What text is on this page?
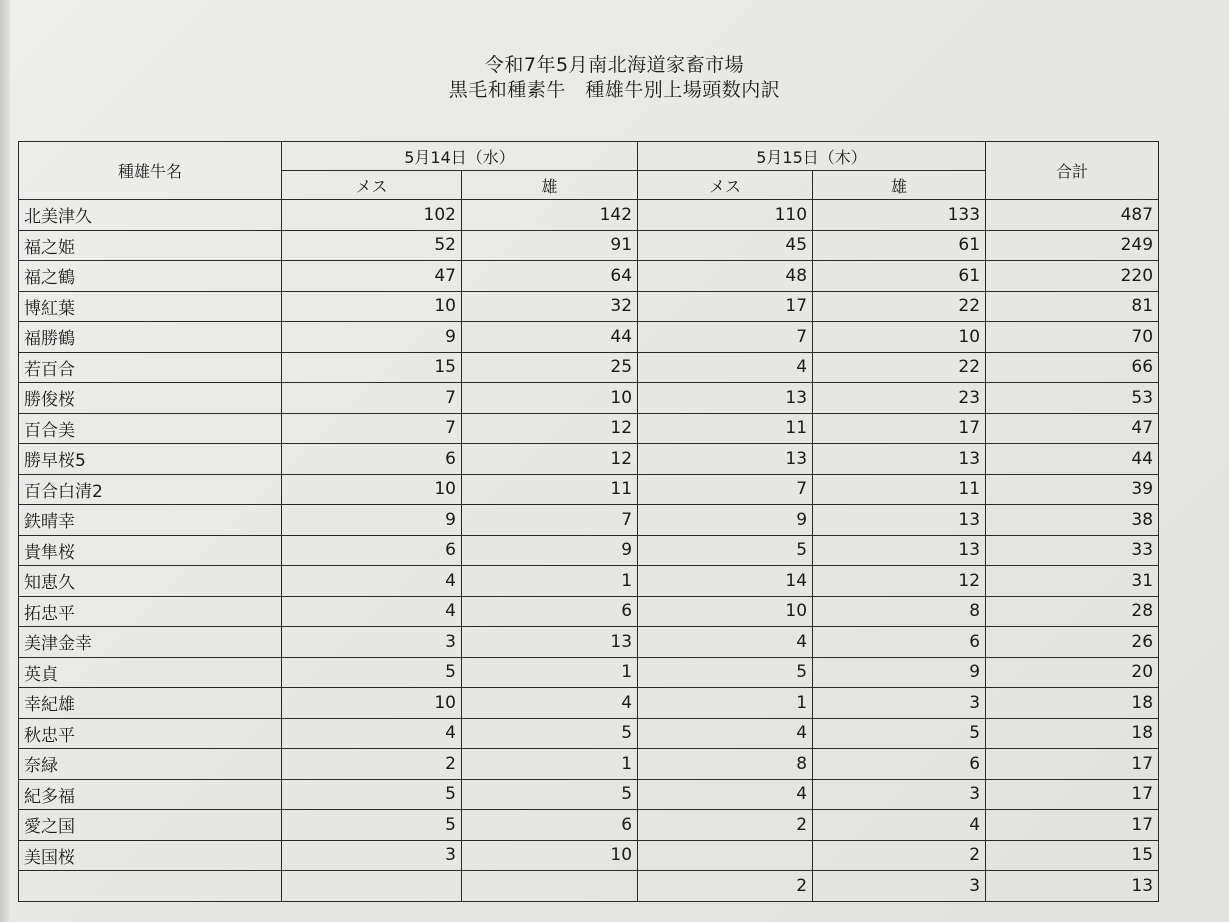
令和7年5月南北海道家畜市場
黒毛和種素牛　種雄牛別上場頭数内訳
種雄牛名	5月14日（水）		5月15日（木）		合計
	メス	雄	メス	雄	
北美津久	102	142	110	133	487
福之姫	52	91	45	61	249
福之鶴	47	64	48	61	220
博紅葉	10	32	17	22	81
福勝鶴	9	44	7	10	70
若百合	15	25	4	22	66
勝俊桜	7	10	13	23	53
百合美	7	12	11	17	47
勝早桜5	6	12	13	13	44
百合白清2	10	11	7	11	39
鉄晴幸	9	7	9	13	38
貴隼桜	6	9	5	13	33
知恵久	4	1	14	12	31
拓忠平	4	6	10	8	28
美津金幸	3	13	4	6	26
英貞	5	1	5	9	20
幸紀雄	10	4	1	3	18
秋忠平	4	5	4	5	18
奈緑	2	1	8	6	17
紀多福	5	5	4	3	17
愛之国	5	6	2	4	17
美国桜	3	10		2	15
			2	3	13
